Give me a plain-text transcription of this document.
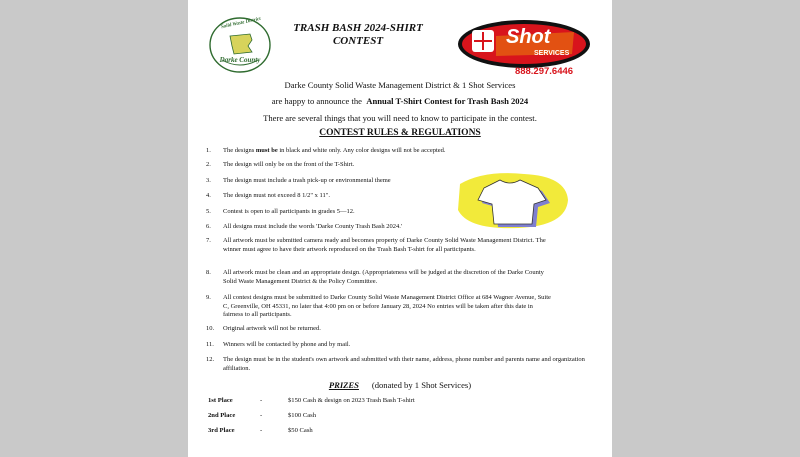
Solid Waste District
Darke County
TRASH BASH 2024-SHIRT
CONTEST	Shot
SERVICES
888.297.6446
Darke County Solid Waste Management District & 1 Shot Services
are happy to announce the Annual T-Shirt Contest for Trash Bash 2024
There are several things that you will need to know to participate in the contest.
CONTEST RULES & REGULATIONS
1. The designs must be in black and white only. Any color designs will not be accepted.
2. The design will only be on the front of the T-Shirt.
3. The design must include a trash pick-up or environmental theme
4. The design must not exceed 8 1/2" x 11".
5. Contest is open to all participants in grades 5—12.
6. All designs must include the words 'Darke County Trash Bash 2024.'
7. All artwork must be submitted camera ready and becomes property of Darke County Solid Waste Management District. The winner must agree to have their artwork reproduced on the Trash Bash T-shirt for all participants.
8. All artwork must be clean and an appropriate design. (Appropriateness will be judged at the discretion of the Darke County Solid Waste Management District & the Policy Committee.
9. All contest designs must be submitted to Darke County Solid Waste Management District Office at 684 Wagner Avenue, Suite C, Greenville, OH 45331, no later that 4:00 pm on or before January 28, 2024 No entries will be taken after this date in fairness to all participants.
10. Original artwork will not be returned.
11. Winners will be contacted by phone and by mail.
12. The design must be in the student's own artwork and submitted with their name, address, phone number and parents name and organization affiliation.
PRIZES (donated by 1 Shot Services)
1st Place	-	$150 Cash & design on 2023 Trash Bash T-shirt
2nd Place	-	$100 Cash
3rd Place	-	$50 Cash
